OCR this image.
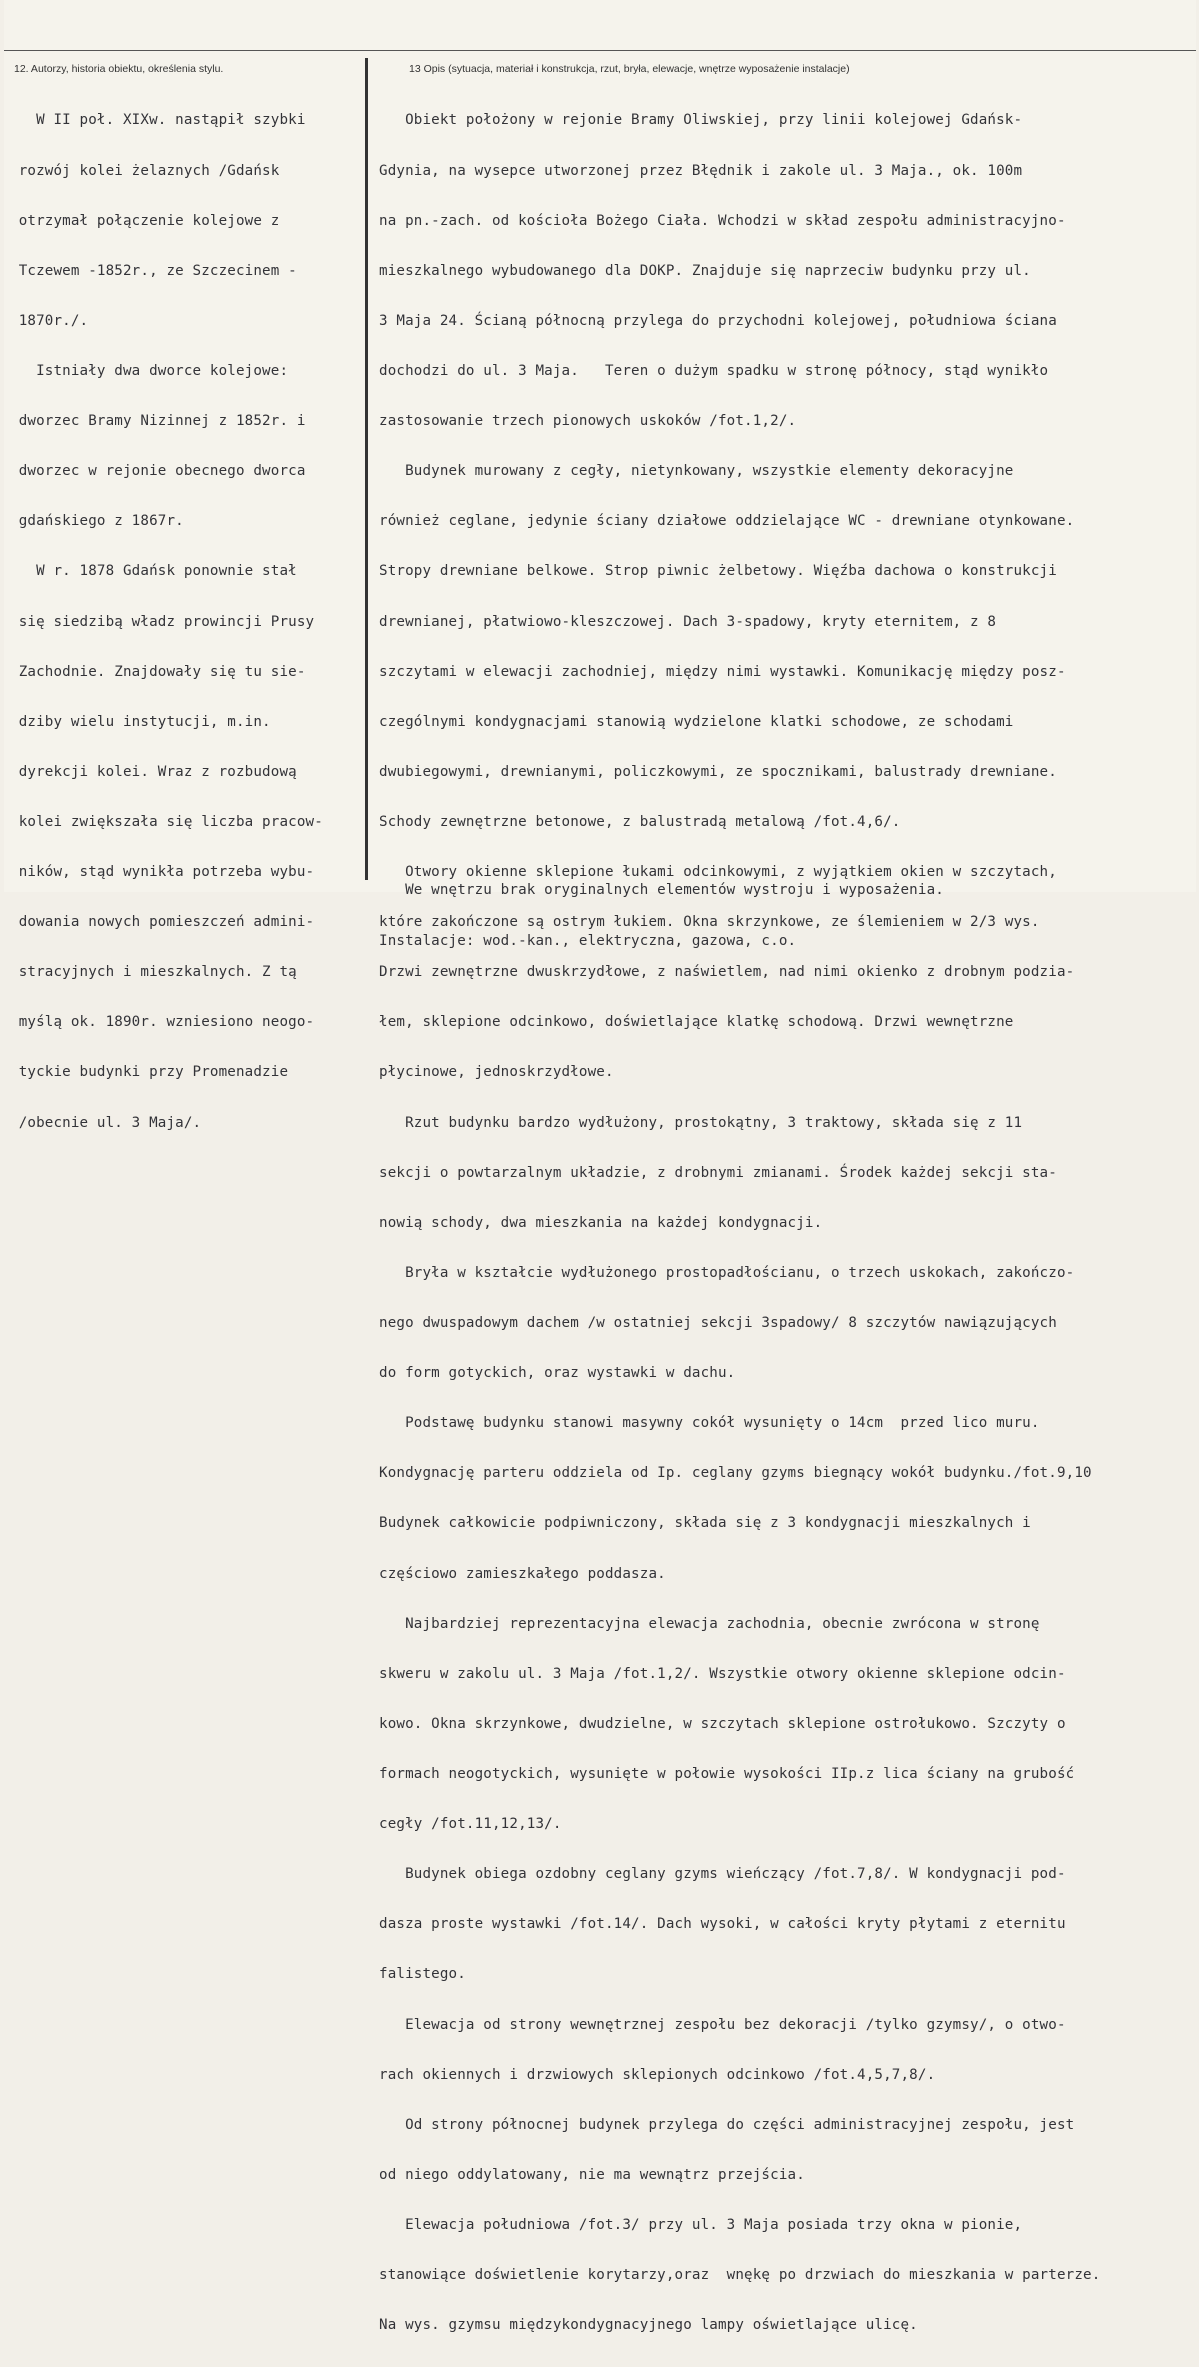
12. Autorzy, historia obiektu, określenia stylu.	13 Opis (sytuacja, materiał i konstrukcja, rzut, bryła, elewacje, wnętrze wyposażenie instalacje)

W II poł. XIXw. nastąpił szybki

rozwój kolei żelaznych /Gdańsk

otrzymał połączenie kolejowe z

Tczewem -1852r., ze Szczecinem -

1870r./.

Istniały dwa dworce kolejowe:

dworzec Bramy Nizinnej z 1852r. i

dworzec w rejonie obecnego dworca

gdańskiego z 1867r.

W r. 1878 Gdańsk ponownie stał

się siedzibą władz prowincji Prusy

Zachodnie. Znajdowały się tu sie-

dziby wielu instytucji, m.in.

dyrekcji kolei. Wraz z rozbudową

kolei zwiększała się liczba pracow-

ników, stąd wynikła potrzeba wybu-

dowania nowych pomieszczeń admini-

stracyjnych i mieszkalnych. Z tą

myślą ok. 1890r. wzniesiono neogo-

tyckie budynki przy Promenadzie

/obecnie ul. 3 Maja/.

Obiekt położony w rejonie Bramy Oliwskiej, przy linii kolejowej Gdańsk-

Gdynia, na wysepce utworzonej przez Błędnik i zakole ul. 3 Maja., ok. 100m

na pn.-zach. od kościoła Bożego Ciała. Wchodzi w skład zespołu administracyjno-

mieszkalnego wybudowanego dla DOKP. Znajduje się naprzeciw budynku przy ul.

3 Maja 24. Ścianą północną przylega do przychodni kolejowej, południowa ściana

dochodzi do ul. 3 Maja.   Teren o dużym spadku w stronę północy, stąd wynikło

zastosowanie trzech pionowych uskoków /fot.1,2/.

Budynek murowany z cegły, nietynkowany, wszystkie elementy dekoracyjne

również ceglane, jedynie ściany działowe oddzielające WC - drewniane otynkowane.

Stropy drewniane belkowe. Strop piwnic żelbetowy. Więźba dachowa o konstrukcji

drewnianej, płatwiowo-kleszczowej. Dach 3-spadowy, kryty eternitem, z 8

szczytami w elewacji zachodniej, między nimi wystawki. Komunikację między posz-

czególnymi kondygnacjami stanowią wydzielone klatki schodowe, ze schodami

dwubiegowymi, drewnianymi, policzkowymi, ze spocznikami, balustrady drewniane.

Schody zewnętrzne betonowe, z balustradą metalową /fot.4,6/.

Otwory okienne sklepione łukami odcinkowymi, z wyjątkiem okien w szczytach,

które zakończone są ostrym łukiem. Okna skrzynkowe, ze ślemieniem w 2/3 wys.

Drzwi zewnętrzne dwuskrzydłowe, z naświetlem, nad nimi okienko z drobnym podzia-

łem, sklepione odcinkowo, doświetlające klatkę schodową. Drzwi wewnętrzne

płycinowe, jednoskrzydłowe.

Rzut budynku bardzo wydłużony, prostokątny, 3 traktowy, składa się z 11

sekcji o powtarzalnym układzie, z drobnymi zmianami. Środek każdej sekcji sta-

nowią schody, dwa mieszkania na każdej kondygnacji.

Bryła w kształcie wydłużonego prostopadłościanu, o trzech uskokach, zakończo-

nego dwuspadowym dachem /w ostatniej sekcji 3spadowy/ 8 szczytów nawiązujących

do form gotyckich, oraz wystawki w dachu.

Podstawę budynku stanowi masywny cokół wysunięty o 14cm  przed lico muru.

Kondygnację parteru oddziela od Ip. ceglany gzyms biegnący wokół budynku./fot.9,10

Budynek całkowicie podpiwniczony, składa się z 3 kondygnacji mieszkalnych i

częściowo zamieszkałego poddasza.

Najbardziej reprezentacyjna elewacja zachodnia, obecnie zwrócona w stronę

skweru w zakolu ul. 3 Maja /fot.1,2/. Wszystkie otwory okienne sklepione odcin-

kowo. Okna skrzynkowe, dwudzielne, w szczytach sklepione ostrołukowo. Szczyty o

formach neogotyckich, wysunięte w połowie wysokości IIp.z lica ściany na grubość

cegły /fot.11,12,13/.

Budynek obiega ozdobny ceglany gzyms wieńczący /fot.7,8/. W kondygnacji pod-

dasza proste wystawki /fot.14/. Dach wysoki, w całości kryty płytami z eternitu

falistego.

Elewacja od strony wewnętrznej zespołu bez dekoracji /tylko gzymsy/, o otwo-

rach okiennych i drzwiowych sklepionych odcinkowo /fot.4,5,7,8/.

Od strony północnej budynek przylega do części administracyjnej zespołu, jest

od niego oddylatowany, nie ma wewnątrz przejścia.

Elewacja południowa /fot.3/ przy ul. 3 Maja posiada trzy okna w pionie,

stanowiące doświetlenie korytarzy,oraz  wnękę po drzwiach do mieszkania w parterze.

Na wys. gzymsu międzykondygnacyjnego lampy oświetlające ulicę.

We wnętrzu brak oryginalnych elementów wystroju i wyposażenia.

Instalacje: wod.-kan., elektryczna, gazowa, c.o.
